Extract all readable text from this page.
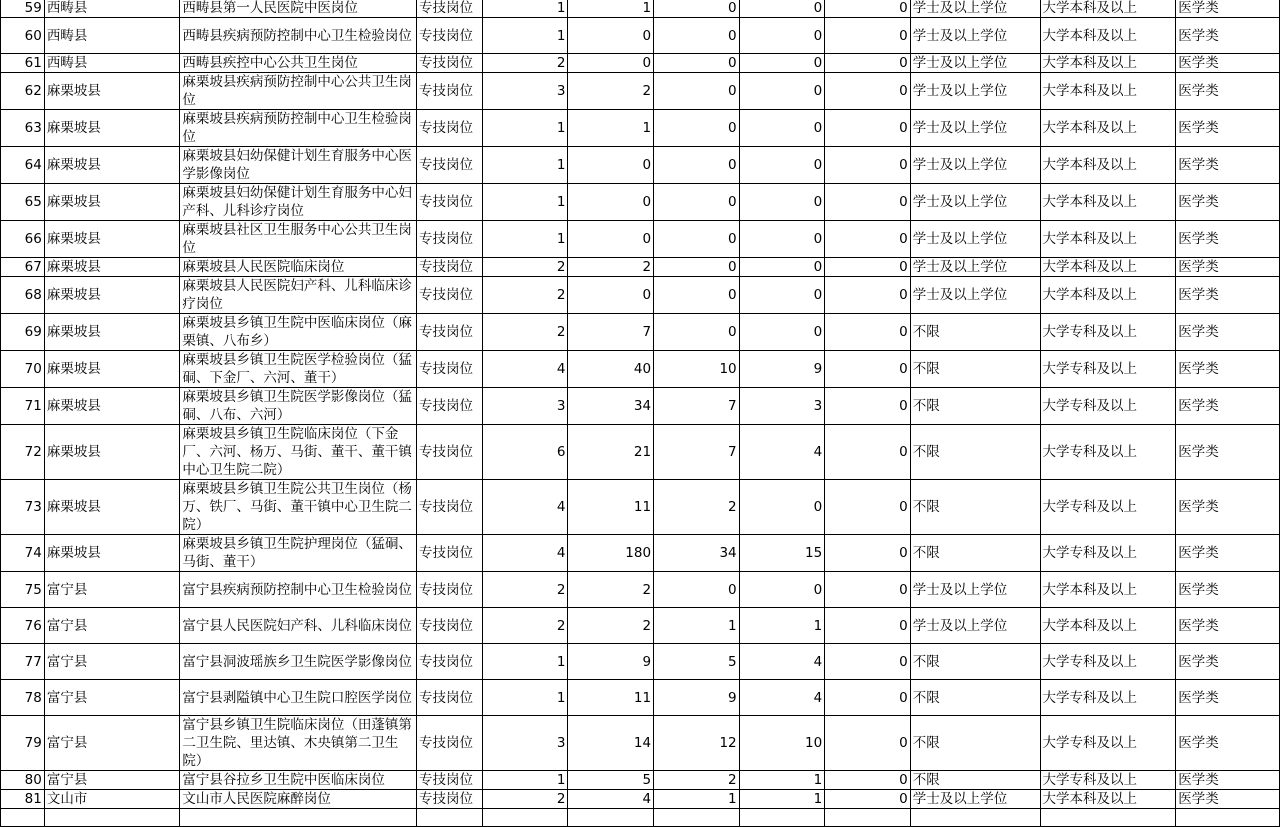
59	西畴县	西畴县第一人民医院中医岗位	专技岗位	1	1	0	0	0	学士及以上学位	大学本科及以上	医学类
60	西畴县	西畴县疾病预防控制中心卫生检验岗位	专技岗位	1	0	0	0	0	学士及以上学位	大学本科及以上	医学类
61	西畴县	西畴县疾控中心公共卫生岗位	专技岗位	2	0	0	0	0	学士及以上学位	大学本科及以上	医学类
62	麻栗坡县	麻栗坡县疾病预防控制中心公共卫生岗位	专技岗位	3	2	0	0	0	学士及以上学位	大学本科及以上	医学类
63	麻栗坡县	麻栗坡县疾病预防控制中心卫生检验岗位	专技岗位	1	1	0	0	0	学士及以上学位	大学本科及以上	医学类
64	麻栗坡县	麻栗坡县妇幼保健计划生育服务中心医学影像岗位	专技岗位	1	0	0	0	0	学士及以上学位	大学本科及以上	医学类
65	麻栗坡县	麻栗坡县妇幼保健计划生育服务中心妇产科、儿科诊疗岗位	专技岗位	1	0	0	0	0	学士及以上学位	大学本科及以上	医学类
66	麻栗坡县	麻栗坡县社区卫生服务中心公共卫生岗位	专技岗位	1	0	0	0	0	学士及以上学位	大学本科及以上	医学类
67	麻栗坡县	麻栗坡县人民医院临床岗位	专技岗位	2	2	0	0	0	学士及以上学位	大学本科及以上	医学类
68	麻栗坡县	麻栗坡县人民医院妇产科、儿科临床诊疗岗位	专技岗位	2	0	0	0	0	学士及以上学位	大学本科及以上	医学类
69	麻栗坡县	麻栗坡县乡镇卫生院中医临床岗位（麻栗镇、八布乡）	专技岗位	2	7	0	0	0	不限	大学专科及以上	医学类
70	麻栗坡县	麻栗坡县乡镇卫生院医学检验岗位（猛硐、下金厂、六河、董干）	专技岗位	4	40	10	9	0	不限	大学专科及以上	医学类
71	麻栗坡县	麻栗坡县乡镇卫生院医学影像岗位（猛硐、八布、六河）	专技岗位	3	34	7	3	0	不限	大学专科及以上	医学类
72	麻栗坡县	麻栗坡县乡镇卫生院临床岗位（下金厂、六河、杨万、马街、董干、董干镇中心卫生院二院）	专技岗位	6	21	7	4	0	不限	大学专科及以上	医学类
73	麻栗坡县	麻栗坡县乡镇卫生院公共卫生岗位（杨万、铁厂、马街、董干镇中心卫生院二院）	专技岗位	4	11	2	0	0	不限	大学专科及以上	医学类
74	麻栗坡县	麻栗坡县乡镇卫生院护理岗位（猛硐、马街、董干）	专技岗位	4	180	34	15	0	不限	大学专科及以上	医学类
75	富宁县	富宁县疾病预防控制中心卫生检验岗位	专技岗位	2	2	0	0	0	学士及以上学位	大学本科及以上	医学类
76	富宁县	富宁县人民医院妇产科、儿科临床岗位	专技岗位	2	2	1	1	0	学士及以上学位	大学本科及以上	医学类
77	富宁县	富宁县洞波瑶族乡卫生院医学影像岗位	专技岗位	1	9	5	4	0	不限	大学专科及以上	医学类
78	富宁县	富宁县剥隘镇中心卫生院口腔医学岗位	专技岗位	1	11	9	4	0	不限	大学专科及以上	医学类
79	富宁县	富宁县乡镇卫生院临床岗位（田蓬镇第二卫生院、里达镇、木央镇第二卫生院）	专技岗位	3	14	12	10	0	不限	大学专科及以上	医学类
80	富宁县	富宁县谷拉乡卫生院中医临床岗位	专技岗位	1	5	2	1	0	不限	大学专科及以上	医学类
81	文山市	文山市人民医院麻醉岗位	专技岗位	2	4	1	1	0	学士及以上学位	大学本科及以上	医学类
